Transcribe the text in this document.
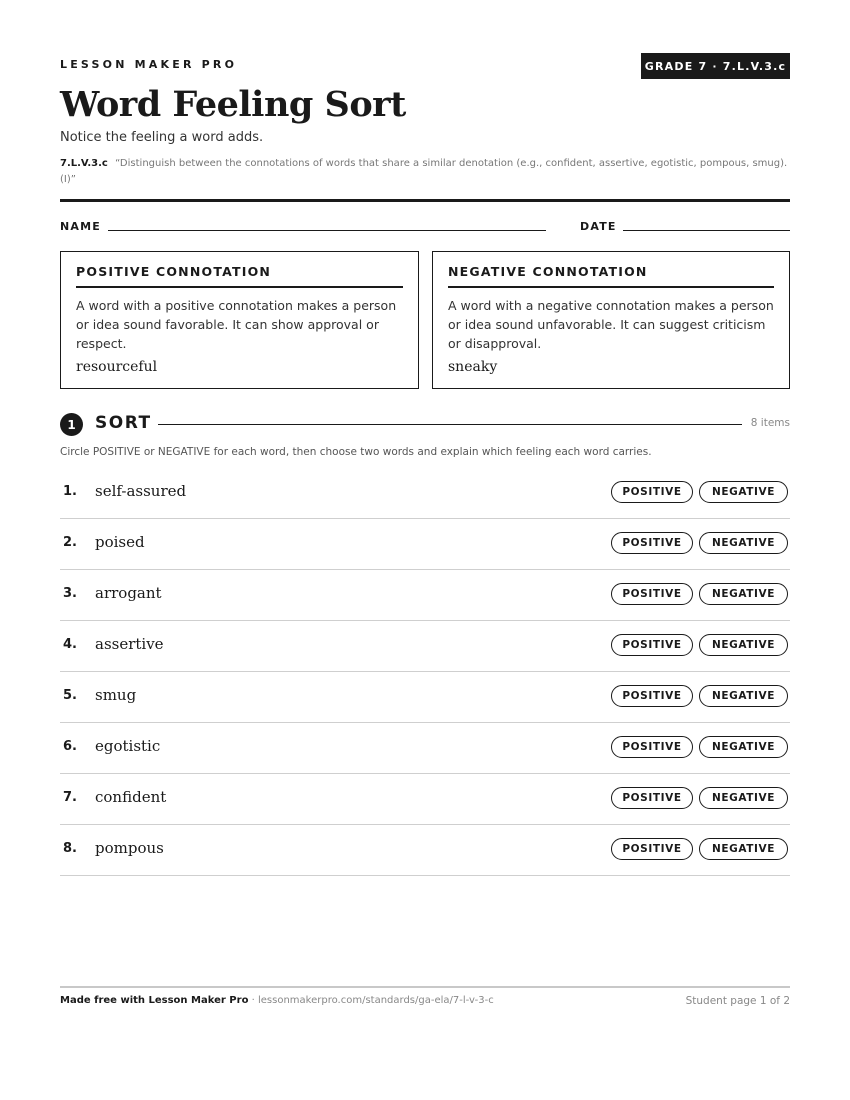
LESSON MAKER PRO	GRADE 7 · 7.L.V.3.c
Word Feeling Sort
Notice the feeling a word adds.
7.L.V.3.c “Distinguish between the connotations of words that share a similar denotation (e.g., confident, assertive, egotistic, pompous, smug). (I)”
NAME	DATE
POSITIVE CONNOTATION
A word with a positive connotation makes a person or idea sound favorable. It can show approval or respect.
resourceful
NEGATIVE CONNOTATION
A word with a negative connotation makes a person or idea sound unfavorable. It can suggest criticism or disapproval.
sneaky
1	SORT	8 items
Circle POSITIVE or NEGATIVE for each word, then choose two words and explain which feeling each word carries.
1. self-assured	POSITIVE	NEGATIVE
2. poised	POSITIVE	NEGATIVE
3. arrogant	POSITIVE	NEGATIVE
4. assertive	POSITIVE	NEGATIVE
5. smug	POSITIVE	NEGATIVE
6. egotistic	POSITIVE	NEGATIVE
7. confident	POSITIVE	NEGATIVE
8. pompous	POSITIVE	NEGATIVE
Made free with Lesson Maker Pro · lessonmakerpro.com/standards/ga-ela/7-l-v-3-c	Student page 1 of 2
